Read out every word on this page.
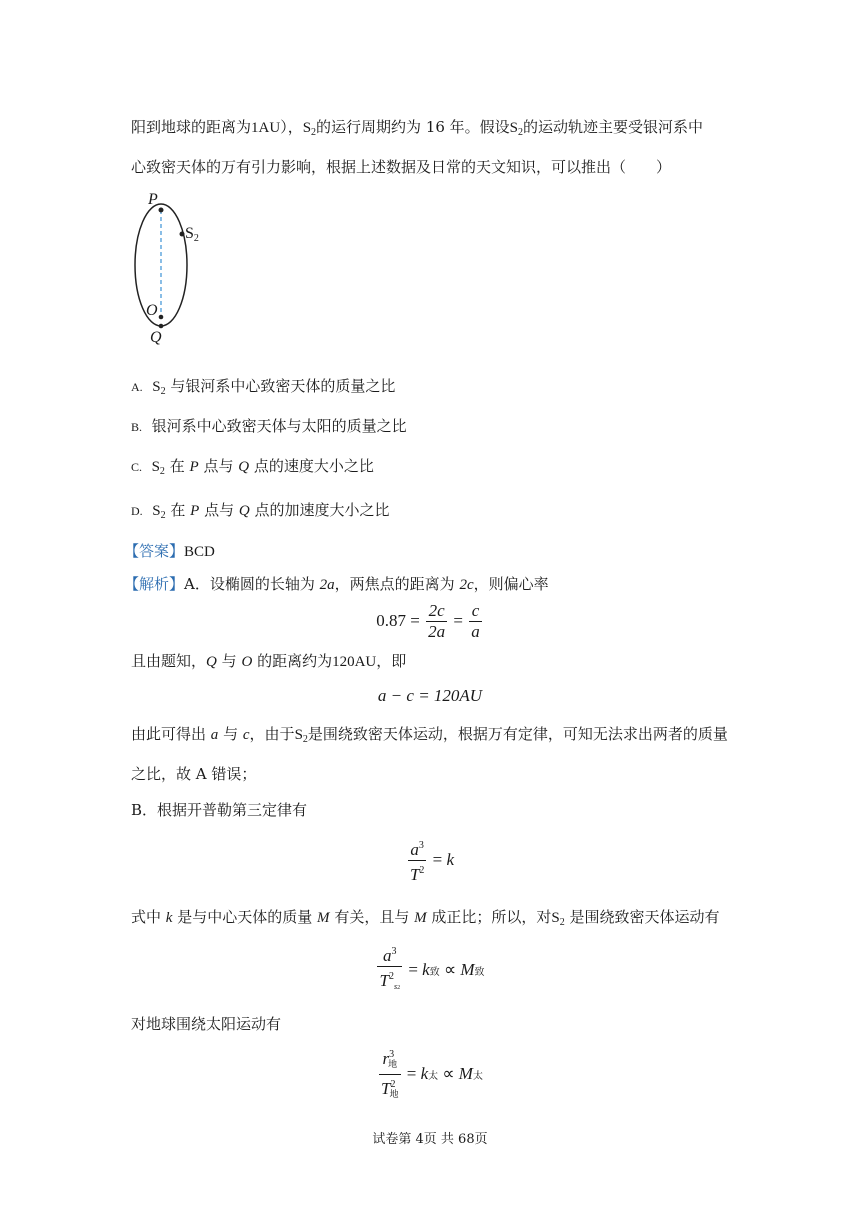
阳到地球的距离为1AU），$S_2$的运行周期约为 16 年。假设$S_2$的运动轨迹主要受银河系中
心致密天体的万有引力影响，根据上述数据及日常的天文知识，可以推出（　　）
P
$S_2$
O
Q
A. $S_2$ 与银河系中心致密天体的质量之比
B. 银河系中心致密天体与太阳的质量之比
C. $S_2$ 在 P 点与 Q 点的速度大小之比
D. $S_2$ 在 P 点与 Q 点的加速度大小之比
【答案】BCD
【解析】A．设椭圆的长轴为 2a，两焦点的距离为 2c，则偏心率
$0.87 = \frac{2c}{2a} = \frac{c}{a}$
且由题知，Q 与 O 的距离约为120AU，即
a − c = 120AU
由此可得出 a 与 c，由于$S_2$是围绕致密天体运动，根据万有定律，可知无法求出两者的质量
之比，故 A 错误；
B．根据开普勒第三定律有
$\frac{a^3}{T^2} = k$
式中 k 是与中心天体的质量 M 有关，且与 M 成正比；所以，对$S_2$ 是围绕致密天体运动有
$\frac{a^3}{T^2_{s2}} = k$ 致
∝
M 致
对地球围绕太阳运动有
$\frac{r^3_地}{T^2_地} = k$ 太
∝
M 太
试卷第 4页 共 68页
